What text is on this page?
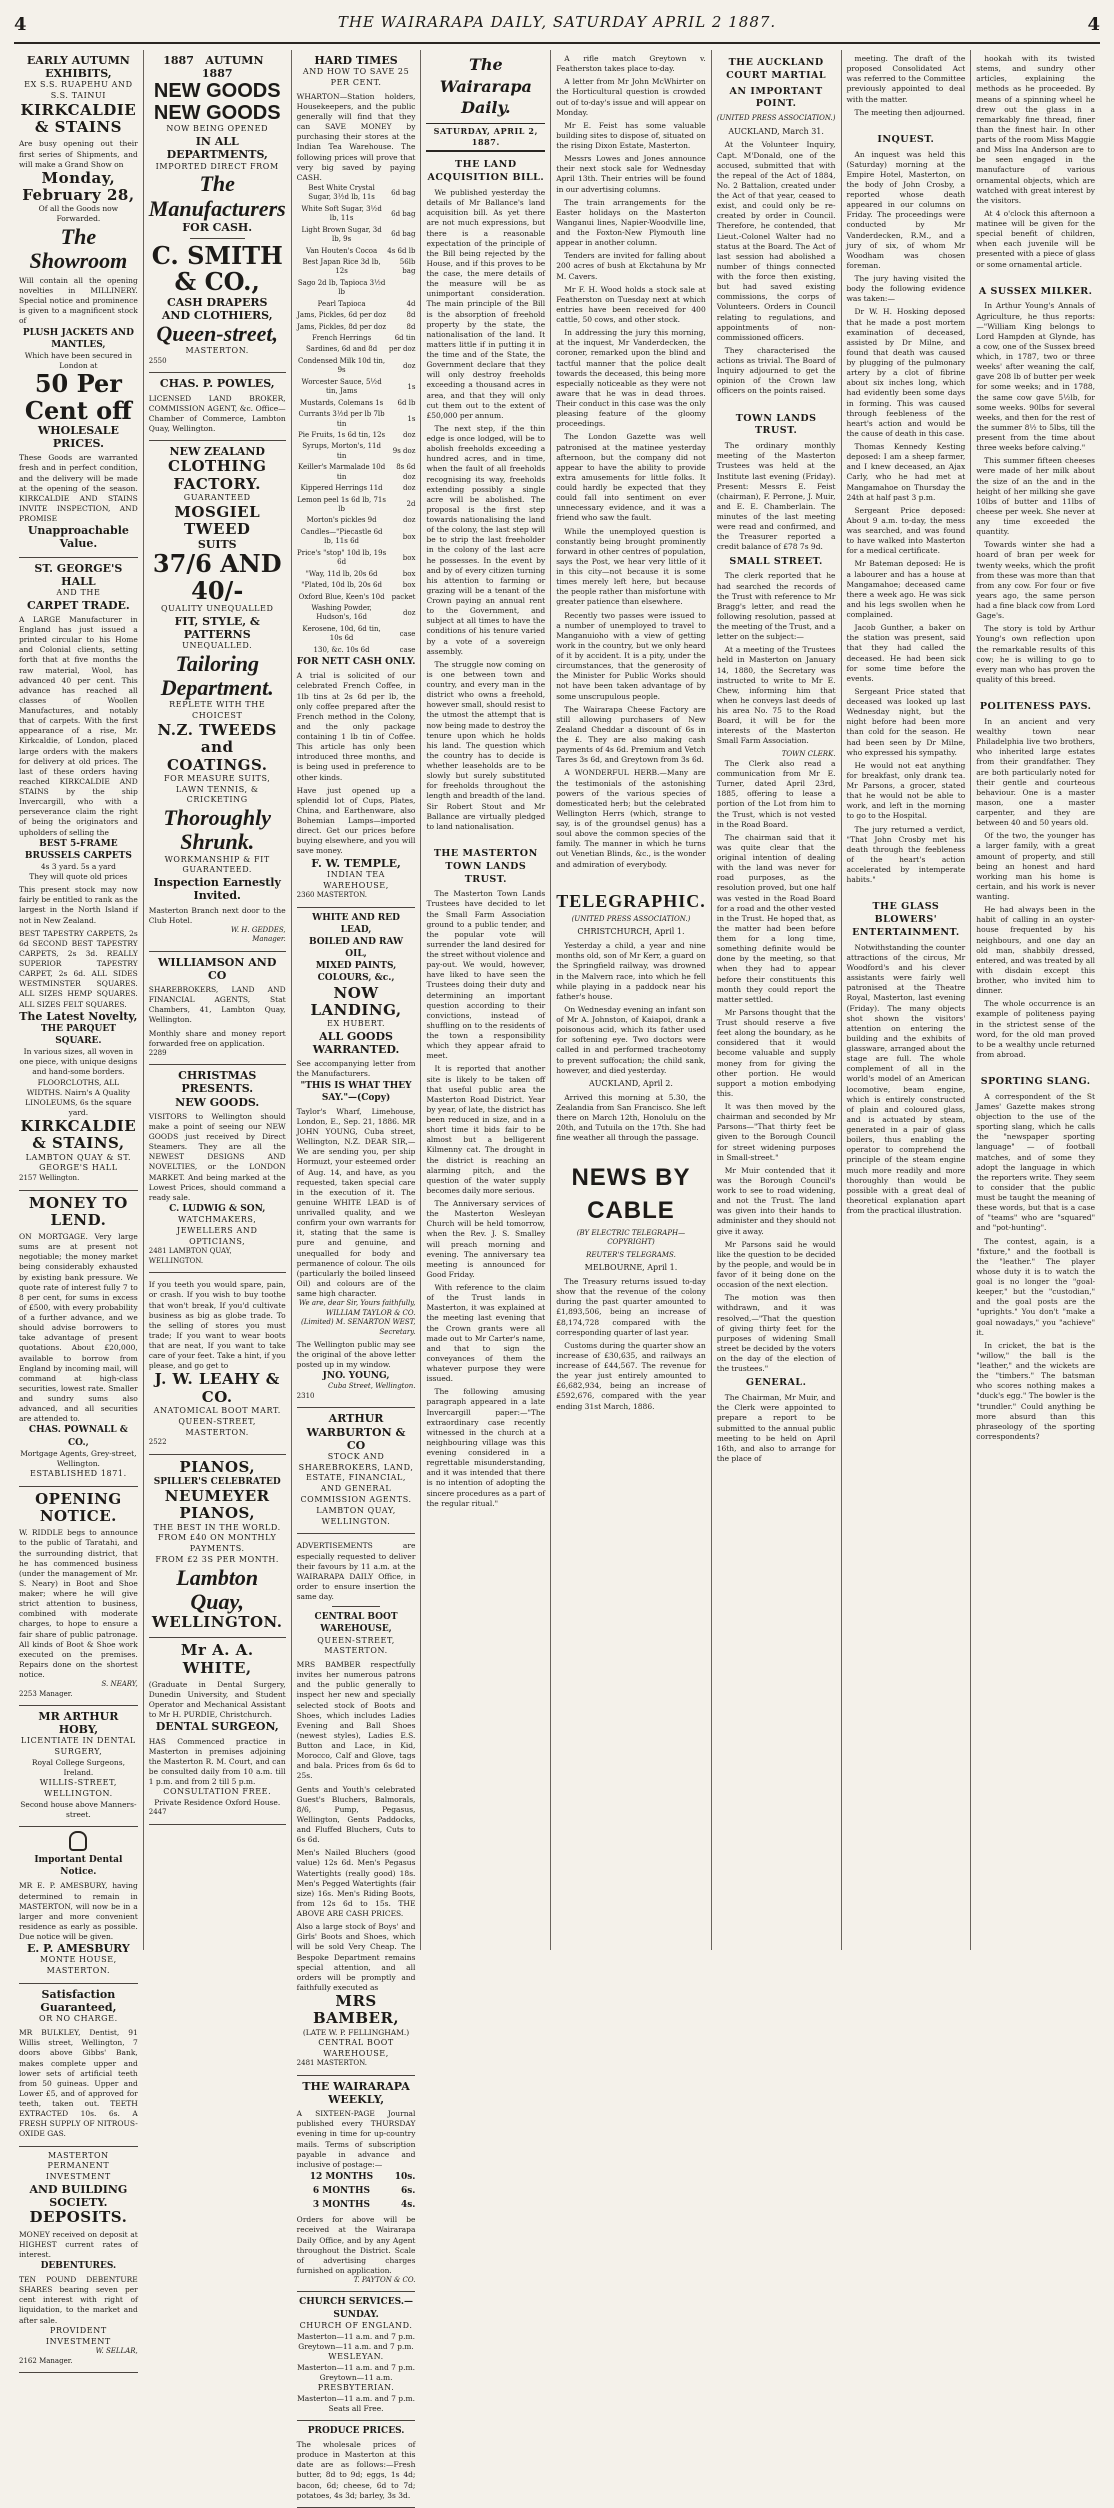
4	THE WAIRARAPA DAILY, SATURDAY APRIL 2 1887.	4
EARLY AUTUMN EXHIBITS,
EX S.S. RUAPEHU AND S.S. TAINUI
KIRKCALDIE & STAINS
Are busy opening out their first series of Shipments, and will make a Grand Show on
Monday, February 28,
Of all the Goods now Forwarded.
The Showroom
Will contain all the opening novelties in MILLINERY. Special notice and prominence is given to a magnificent stock of
PLUSH JACKETS AND MANTLES,
Which have been secured in London at
50 Per Cent off
WHOLESALE PRICES.
These Goods are warranted fresh and in perfect condition, and the delivery will be made at the opening of the season. KIRKCALDIE AND STAINS INVITE INSPECTION, AND PROMISE
Unapproachable Value.
ST. GEORGE'S HALL
AND THE
CARPET TRADE.
A LARGE Manufacturer in England has just issued a printed circular to his Home and Colonial clients, setting forth that at five months the raw material, Wool, has advanced 40 per cent. This advance has reached all classes of Woollen Manufactures, and notably that of carpets. With the first appearance of a rise, Mr. Kirkcaldie, of London, placed large orders with the makers for delivery at old prices. The last of these orders having reached KIRKCALDIE AND STAINS by the ship Invercargill, who with a perseverance claim the right of being the originators and upholders of selling the
BEST 5-FRAME BRUSSELS CARPETS
4s 3 yard. 5s a yard
They will quote old prices
This present stock may now fairly be entitled to rank as the largest in the North Island if not in New Zealand.
BEST TAPESTRY CARPETS, 2s 6d SECOND BEST TAPESTRY CARPETS, 2s 3d. REALLY SUPERIOR TAPESTRY CARPET, 2s 6d. ALL SIDES WESTMINSTER SQUARES. ALL SIZES HEMP SQUARES. ALL SIZES FELT SQUARES.
The Latest Novelty,
THE PARQUET SQUARE.
In various sizes, all woven in one piece, with unique designs and hand-some borders.
FLOORCLOTHS, ALL WIDTHS. Nairn's A Quality LINOLEUMS, 6s the square yard.
KIRKCALDIE & STAINS,
LAMBTON QUAY & ST. GEORGE'S HALL
2157 Wellington.
MONEY TO LEND.
ON MORTGAGE. Very large sums are at present not negotiable; the money market being considerably exhausted by existing bank pressure. We quote rate of interest fully 7 to 8 per cent, for sums in excess of £500, with every probability of a further advance, and we should advise borrowers to take advantage of present quotations. About £20,000, available to borrow from England by incoming mail, will command at high-class securities, lowest rate. Smaller and sundry sums also advanced, and all securities are attended to.
CHAS. POWNALL & CO.,
Mortgage Agents, Grey-street, Wellington.
ESTABLISHED 1871.
OPENING NOTICE.
W. RIDDLE begs to announce to the public of Taratahi, and the surrounding district, that he has commenced business (under the management of Mr. S. Neary) in Boot and Shoe maker; where he will give strict attention to business, combined with moderate charges, to hope to ensure a fair share of public patronage. All kinds of Boot & Shoe work executed on the premises. Repairs done on the shortest notice.
S. NEARY,
2253 Manager.
MR ARTHUR HOBY,
LICENTIATE IN DENTAL SURGERY,
Royal College Surgeons, Ireland.
WILLIS-STREET, WELLINGTON.
Second house above Manners-street.
Important Dental Notice.
MR E. P. AMESBURY, having determined to remain in MASTERTON, will now be in a larger and more convenient residence as early as possible. Due notice will be given.
E. P. AMESBURY
MONTE HOUSE, MASTERTON.
Satisfaction Guaranteed,
OR NO CHARGE.
MR BULKLEY, Dentist, 91 Willis street, Wellington, 7 doors above Gibbs' Bank, makes complete upper and lower sets of artificial teeth from 50 guineas. Upper and Lower £5, and of approved for teeth, taken out. TEETH EXTRACTED 10s. 6s. A FRESH SUPPLY OF NITROUS-OXIDE GAS.
MASTERTON PERMANENT INVESTMENT
AND BUILDING SOCIETY.
DEPOSITS.
MONEY received on deposit at HIGHEST current rates of interest.
DEBENTURES.
TEN POUND DEBENTURE SHARES bearing seven per cent interest with right of liquidation, to the market and after sale.
PROVIDENT INVESTMENT
W. SELLAR,
2162 Manager.
1887 AUTUMN   1887
NEW GOODS
NEW GOODS
NOW BEING OPENED
IN ALL DEPARTMENTS,
IMPORTED DIRECT FROM
The Manufacturers
FOR CASH.
C. SMITH & CO.,
CASH DRAPERS
AND CLOTHIERS,
Queen-street,
MASTERTON.
2550
CHAS. P. POWLES,
LICENSED LAND BROKER, COMMISSION AGENT, &c. Office—Chamber of Commerce, Lambton Quay, Wellington.
NEW ZEALAND
CLOTHING FACTORY.
GUARANTEED
MOSGIEL TWEED
SUITS
37/6 AND 40/-
QUALITY UNEQUALLED
FIT, STYLE, & PATTERNS
UNEQUALLED.
Tailoring Department.
REPLETE WITH THE CHOICEST
N.Z. TWEEDS and COATINGS.
FOR MEASURE SUITS,
LAWN TENNIS, & CRICKETING
Thoroughly Shrunk.
WORKMANSHIP & FIT GUARANTEED.
Inspection Earnestly Invited.
Masterton Branch next door to the Club Hotel.
W. H. GEDDES,
Manager.
WILLIAMSON AND CO
SHAREBROKERS, LAND AND FINANCIAL AGENTS, Stat Chambers, 41, Lambton Quay, Wellington.
Monthly share and money report forwarded free on application.
2289
CHRISTMAS PRESENTS.
NEW GOODS.
VISITORS to Wellington should make a point of seeing our NEW GOODS just received by Direct Steamers. They are all the NEWEST DESIGNS AND NOVELTIES, or the LONDON MARKET. And being marked at the Lowest Prices, should command a ready sale.
C. LUDWIG & SON,
WATCHMAKERS, JEWELLERS AND OPTICIANS,
2481 LAMBTON QUAY, WELLINGTON.
If you teeth you would spare, pain, or crash. If you wish to buy toothe that won't break, If you'd cultivate business as big as globe trade. To the selling of stores you must trade; If you want to wear boots that are neat, If you want to take care of your feet. Take a hint, if you please, and go get to
J. W. LEAHY & CO.
ANATOMICAL BOOT MART.
QUEEN-STREET, MASTERTON.
2522
PIANOS,
SPILLER'S CELEBRATED
NEUMEYER PIANOS,
THE BEST IN THE WORLD.
FROM £40 ON MONTHLY PAYMENTS.
FROM £2 3S PER MONTH.
Lambton Quay,
WELLINGTON.
Mr A. A. WHITE,
(Graduate in Dental Surgery, Dunedin University, and Student Operator and Mechanical Assistant to Mr H. PURDIE, Christchurch.
DENTAL SURGEON,
HAS Commenced practice in Masterton in premises adjoining the Masterton R. M. Court, and can be consulted daily from 10 a.m. till 1 p.m. and from 2 till 5 p.m.
CONSULTATION FREE.
Private Residence Oxford House.
2447
HARD TIMES
AND HOW TO SAVE 25 PER CENT.
WHARTON—Station holders, Housekeepers, and the public generally will find that they can SAVE MONEY by purchasing their stores at the Indian Tea Warehouse. The following prices will prove that very big saved by paying CASH.
Best White Crystal Sugar, 3½d lb, 11s	6d bag
White Soft Sugar, 3½d lb, 11s	6d bag
Light Brown Sugar, 3d lb, 9s	6d bag
Van Houten's Cocoa	4s 6d lb
Best Japan Rice 3d lb, 12s	56lb bag
Sago 2d lb, Tapioca 3½d lb	
Pearl Tapioca	4d
Jams, Pickles, 6d per doz	8d
Jams, Pickles, 8d per doz	8d
French Herrings	6d tin
Sardines, 6d and 8d	per doz
Condensed Milk 10d tin, 9s	doz
Worcester Sauce, 5½d tin, Jams	1s
Mustards, Colemans 1s	6d lb
Currants 3½d per lb 7lb tin	1s
Pie Fruits, 1s 6d tin, 12s	doz
Syrups, Morton's, 11d tin	9s doz
Keiller's Marmalade 10d tin	8s 6d doz
Kippered Herrings 11d	doz
Lemon peel 1s 6d lb, 71s lb	2d
Morton's pickles 9d	doz
Candles—"Piecastle 6d lb, 11s 6d	box
Price's "stop" 10d lb, 19s 6d	box
"Way, 11d lb, 20s 6d	box
"Plated, 10d lb, 20s 6d	box
Oxford Blue, Keen's 10d	packet
Washing Powder, Hudson's, 16d	doz
Kerosene, 10d, 6d tin, 10s 6d	case
130, &c. 10s 6d	case
FOR NETT CASH ONLY.
A trial is solicited of our celebrated French Coffee, in 1lb tins at 2s 6d per lb, the only coffee prepared after the French method in the Colony, and the only package containing 1 lb tin of Coffee. This article has only been introduced three months, and is being used in preference to other kinds.
Have just opened up a splendid lot of Cups, Plates, China, and Earthenware, also Bohemian Lamps—imported direct. Get our prices before buying elsewhere, and you will save money.
F. W. TEMPLE,
INDIAN TEA WAREHOUSE,
2360 MASTERTON.
WHITE AND RED LEAD,
BOILED AND RAW OIL,
MIXED PAINTS, COLOURS, &c.,
NOW LANDING,
EX HUBERT.
ALL GOODS WARRANTED.
See accompanying letter from the Manufacturers.
"THIS IS WHAT THEY SAY."—(Copy)
Taylor's Wharf, Limehouse, London, E., Sep. 21, 1886. MR JOHN YOUNG, Cuba street, Wellington, N.Z. DEAR SIR,—We are sending you, per ship Hormuzt, your esteemed order of Aug. 14, and have, as you requested, taken special care in the execution of it. The genuine WHITE LEAD is of unrivalled quality, and we confirm your own warrants for it, stating that the same is pure and genuine, and unequalled for body and permanence of colour. The oils (particularly the boiled linseed Oil) and colours are of the same high character.
We are, dear Sir, Yours faithfully, WILLIAM TAYLOR & CO. (Limited) M. SENARTON WEST, Secretary.
The Wellington public may see the original of the above letter posted up in my window.
JNO. YOUNG,
Cuba Street, Wellington.
2310
ARTHUR WARBURTON & CO
STOCK AND SHAREBROKERS, LAND, ESTATE, FINANCIAL, AND GENERAL COMMISSION AGENTS.
LAMBTON QUAY, WELLINGTON.
ADVERTISEMENTS are especially requested to deliver their favours by 11 a.m. at the WAIRARAPA DAILY Office, in order to ensure insertion the same day.
CENTRAL BOOT WAREHOUSE,
QUEEN-STREET, MASTERTON.
MRS BAMBER respectfully invites her numerous patrons and the public generally to inspect her new and specially selected stock of Boots and Shoes, which includes Ladies Evening and Ball Shoes (newest styles), Ladies E.S. Button and Lace, in Kid, Morocco, Calf and Glove, tags and bala. Prices from 6s 6d to 25s.
Gents and Youth's celebrated Guest's Bluchers, Balmorals, 8/6, Pump, Pegasus, Wellington, Gents Paddocks, and Fluffed Bluchers, Cuts to 6s 6d.
Men's Nailed Bluchers (good value) 12s 6d. Men's Pegasus Watertights (really good) 18s. Men's Pegged Watertights (fair size) 16s. Men's Riding Boots, from 12s 6d to 15s. THE ABOVE ARE CASH PRICES.
Also a large stock of Boys' and Girls' Boots and Shoes, which will be sold Very Cheap. The Bespoke Department remains special attention, and all orders will be promptly and faithfully executed as
MRS BAMBER,
(LATE W. P. FELLINGHAM.)
CENTRAL BOOT WAREHOUSE,
2481 MASTERTON.
THE WAIRARAPA WEEKLY,
A SIXTEEN-PAGE Journal published every THURSDAY evening in time for up-country mails. Terms of subscription payable in advance and inclusive of postage:—
12 MONTHS	10s.
6 MONTHS	6s.
3 MONTHS	4s.
Orders for above will be received at the Wairarapa Daily Office, and by any Agent throughout the District. Scale of advertising charges furnished on application.
T. PAYTON & CO.
CHURCH SERVICES.—SUNDAY.
CHURCH OF ENGLAND.
Masterton—11 a.m. and 7 p.m. Greytown—11 a.m. and 7 p.m.
WESLEYAN.
Masterton—11 a.m. and 7 p.m. Greytown—11 a.m.
PRESBYTERIAN.
Masterton—11 a.m. and 7 p.m. Seats all Free.
PRODUCE PRICES.
The wholesale prices of produce in Masterton at this date are as follows:—Fresh butter, 8d to 9d; eggs, 1s 4d; bacon, 6d; cheese, 6d to 7d; potatoes, 4s 3d; barley, 3s 3d.
The Wairarapa Daily.
SATURDAY, APRIL 2, 1887.
THE LAND ACQUISITION BILL.

We published yesterday the details of Mr Ballance's land acquisition bill. As yet there are not much expressions, but there is a reasonable expectation of the principle of the Bill being rejected by the House, and if this proves to be the case, the mere details of the measure will be as unimportant consideration. The main principle of the Bill is the absorption of freehold property by the state, the nationalisation of the land. It matters little if in putting it in the time and of the State, the Government declare that they will only destroy freeholds exceeding a thousand acres in area, and that they will only cut them out to the extent of £50,000 per annum.

The next step, if the thin edge is once lodged, will be to abolish freeholds exceeding a hundred acres, and in time, when the fault of all freeholds recognising its way, freeholds extending possibly a single acre will be abolished. The proposal is the first step towards nationalising the land of the colony, the last step will be to strip the last freeholder in the colony of the last acre he possesses. In the event by and by of every citizen turning his attention to farming or grazing will be a tenant of the Crown paying an annual rent to the Government, and subject at all times to have the conditions of his tenure varied by a vote of a sovereign assembly.

The struggle now coming on is one between town and country, and every man in the district who owns a freehold, however small, should resist to the utmost the attempt that is now being made to destroy the tenure upon which he holds his land. The question which the country has to decide is whether leaseholds are to be slowly but surely substituted for freeholds throughout the length and breadth of the land. Sir Robert Stout and Mr Ballance are virtually pledged to land nationalisation.

THE MASTERTON TOWN LANDS TRUST.

The Masterton Town Lands Trustees have decided to let the Small Farm Association ground to a public tender, and the popular vote will surrender the land desired for the street without violence and pay-out. We would, however, have liked to have seen the Trustees doing their duty and determining an important question according to their convictions, instead of shuffling on to the residents of the town a responsibility which they appear afraid to meet.

It is reported that another site is likely to be taken off that useful public area the Masterton Road District. Year by year, of late, the district has been reduced in size, and in a short time it bids fair to be almost but a belligerent Kilmenny cat. The drought in the district is reaching an alarming pitch, and the question of the water supply becomes daily more serious.

The Anniversary services of the Masterton Wesleyan Church will be held tomorrow, when the Rev. J. S. Smalley will preach morning and evening. The anniversary tea meeting is announced for Good Friday.

With reference to the claim of the Trust lands in Masterton, it was explained at the meeting last evening that the Crown grants were all made out to Mr Carter's name, and that to sign the conveyances of them the whatever purpose they were issued.

The following amusing paragraph appeared in a late Invercargill paper:—"The extraordinary case recently witnessed in the church at a neighbouring village was this evening considered in a regrettable misunderstanding, and it was intended that there is no intention of adopting the sincere procedures as a part of the regular ritual."

A rifle match Greytown v. Featherston takes place to-day.

A letter from Mr John McWhirter on the Horticultural question is crowded out of to-day's issue and will appear on Monday.

Mr E. Feist has some valuable building sites to dispose of, situated on the rising Dixon Estate, Masterton.

Messrs Lowes and Jones announce their next stock sale for Wednesday April 13th. Their entries will be found in our advertising columns.

The train arrangements for the Easter holidays on the Masterton Wanganui lines, Napier-Woodville line, and the Foxton-New Plymouth line appear in another column.

Tenders are invited for falling about 200 acres of bush at Ekctahuna by Mr M. Cavers.

Mr F. H. Wood holds a stock sale at Featherston on Tuesday next at which entries have been received for 400 cattle, 50 cows, and other stock.

In addressing the jury this morning, at the inquest, Mr Vanderdecken, the coroner, remarked upon the blind and tactful manner that the police dealt towards the deceased, this being more especially noticeable as they were not aware that he was in dead throes. Their conduct in this case was the only pleasing feature of the gloomy proceedings.

The London Gazette was well patronised at the matinee yesterday afternoon, but the company did not appear to have the ability to provide extra amusements for little folks. It could hardly be expected that they could fall into sentiment on ever unnecessary evidence, and it was a friend who saw the fault.

While the unemployed question is constantly being brought prominently forward in other centres of population, says the Post, we hear very little of it in this city—not because it is some times merely left here, but because the people rather than misfortune with greater patience than elsewhere.

Recently two passes were issued to a number of unemployed to travel to Manganuioho with a view of getting work in the country, but we only heard of it by accident. It is a pity, under the circumstances, that the generosity of the Minister for Public Works should not have been taken advantage of by some unscrupulous people.

The Wairarapa Cheese Factory are still allowing purchasers of New Zealand Cheddar a discount of 6s in the £. They are also making cash payments of 4s 6d. Premium and Vetch Tares 3s 6d, and Greytown from 3s 6d.

A WONDERFUL HERB.—Many are the testimonials of the astonishing powers of the various species of domesticated herb; but the celebrated Wellington Herrs (which, strange to say, is of the groundsel genus) has a soul above the common species of the family. The manner in which he turns out Venetian Blinds, &c., is the wonder and admiration of everybody.

TELEGRAPHIC.
(UNITED PRESS ASSOCIATION.)
CHRISTCHURCH, April 1.

Yesterday a child, a year and nine months old, son of Mr Kerr, a guard on the Springfield railway, was drowned in the Malvern race, into which he fell while playing in a paddock near his father's house.

On Wednesday evening an infant son of Mr A. Johnston, of Kaiapoi, drank a poisonous acid, which its father used for softening eye. Two doctors were called in and performed tracheotomy to prevent suffocation; the child sank, however, and died yesterday.

AUCKLAND, April 2.

Arrived this morning at 5.30, the Zealandia from San Francisco. She left there on March 12th, Honolulu on the 20th, and Tutuila on the 17th. She had fine weather all through the passage.

NEWS BY CABLE
(BY ELECTRIC TELEGRAPH—COPYRIGHT)
REUTER'S TELEGRAMS.
MELBOURNE, April 1.

The Treasury returns issued to-day show that the revenue of the colony during the past quarter amounted to £1,893,506, being an increase of £8,174,728 compared with the corresponding quarter of last year.

Customs during the quarter show an increase of £30,635, and railways an increase of £44,567. The revenue for the year just entirely amounted to £6,682,934, being an increase of £592,676, compared with the year ending 31st March, 1886.

THE AUCKLAND COURT MARTIAL
AN IMPORTANT POINT.
(UNITED PRESS ASSOCIATION.)
AUCKLAND, March 31.

At the Volunteer Inquiry, Capt. M'Donald, one of the accused, submitted that with the repeal of the Act of 1884, No. 2 Battalion, created under the Act of that year, ceased to exist, and could only be re-created by order in Council. Therefore, he contended, that Lieut.-Colonel Walter had no status at the Board. The Act of last session had abolished a number of things connected with the force then existing, but had saved existing commissions, the corps of Volunteers. Orders in Council relating to regulations, and appointments of non-commissioned officers.

They characterised the actions as trivial. The Board of Inquiry adjourned to get the opinion of the Crown law officers on the points raised.

TOWN LANDS TRUST.

The ordinary monthly meeting of the Masterton Trustees was held at the Institute last evening (Friday). Present: Messrs E. Feist (chairman), F. Perrone, J. Muir, and E. E. Chamberlain. The minutes of the last meeting were read and confirmed, and the Treasurer reported a credit balance of £78 7s 9d.

SMALL STREET.

The clerk reported that he had searched the records of the Trust with reference to Mr Bragg's letter, and read the following resolution, passed at the meeting of the Trust, and a letter on the subject:—

At a meeting of the Trustees held in Masterton on January 14, 1880, the Secretary was instructed to write to Mr E. Chew, informing him that when he conveys last deeds of his area No. 75 to the Road Board, it will be for the interests of the Masterton Small Farm Association.

TOWN CLERK.

The Clerk also read a communication from Mr E. Turner, dated April 23rd, 1885, offering to lease a portion of the Lot from him to the Trust, which is not vested in the Road Board.

The chairman said that it was quite clear that the original intention of dealing with the land was never for road purposes, as the resolution proved, but one half was vested in the Road Board for a road and the other vested in the Trust. He hoped that, as the matter had been before them for a long time, something definite would be done by the meeting, so that when they had to appear before their constituents this month they could report the matter settled.

Mr Parsons thought that the Trust should reserve a five feet along the boundary, as he considered that it would become valuable and supply money from for giving the other portion. He would support a motion embodying this.

It was then moved by the chairman and seconded by Mr Parsons—"That thirty feet be given to the Borough Council for street widening purposes in Small-street."

Mr Muir contended that it was the Borough Council's work to see to road widening, and not the Trust. The land was given into their hands to administer and they should not give it away.

Mr Parsons said he would like the question to be decided by the people, and would be in favor of it being done on the occasion of the next election.

The motion was then withdrawn, and it was resolved,—"That the question of giving thirty feet for the purposes of widening Small street be decided by the voters on the day of the election of the trustees."

GENERAL.

The Chairman, Mr Muir, and the Clerk were appointed to prepare a report to be submitted to the annual public meeting to be held on April 16th, and also to arrange for the place of

meeting. The draft of the proposed Consolidated Act was referred to the Committee previously appointed to deal with the matter.

The meeting then adjourned.

INQUEST.

An inquest was held this (Saturday) morning at the Empire Hotel, Masterton, on the body of John Crosby, a reported whose death appeared in our columns on Friday. The proceedings were conducted by Mr Vanderdecken, R.M., and a jury of six, of whom Mr Woodham was chosen foreman.

The jury having visited the body the following evidence was taken:—

Dr W. H. Hosking deposed that he made a post mortem examination of deceased, assisted by Dr Milne, and found that death was caused by plugging of the pulmonary artery by a clot of fibrine about six inches long, which had evidently been some days in forming. This was caused through feebleness of the heart's action and would be the cause of death in this case.

Thomas Kennedy Kesting deposed: I am a sheep farmer, and I knew deceased, an Ajax Carly, who he had met at Mangamahoe on Thursday the 24th at half past 3 p.m.

Sergeant Price deposed: About 9 a.m. to-day, the mess was searched, and was found to have walked into Masterton for a medical certificate.

Mr Bateman deposed: He is a labourer and has a house at Mangamahoe; deceased came there a week ago. He was sick and his legs swollen when he complained.

Jacob Gunther, a baker on the station was present, said that they had called the deceased. He had been sick for some time before the events.

Sergeant Price stated that deceased was looked up last Wednesday night, but the night before had been more than cold for the season. He had been seen by Dr Milne, who expressed his sympathy.

He would not eat anything for breakfast, only drank tea. Mr Parsons, a grocer, stated that he would not be able to work, and left in the morning to go to the Hospital.

The jury returned a verdict, "That John Crosby met his death through the feebleness of the heart's action accelerated by intemperate habits."

THE GLASS BLOWERS' ENTERTAINMENT.

Notwithstanding the counter attractions of the circus, Mr Woodford's and his clever assistants were fairly well patronised at the Theatre Royal, Masterton, last evening (Friday). The many objects shot shown the visitors' attention on entering the building and the exhibits of glassware, arranged about the stage are full. The whole complement of all in the world's model of an American locomotive, beam engine, which is entirely constructed of plain and coloured glass, and is actuated by steam, generated in a pair of glass boilers, thus enabling the operator to comprehend the principle of the steam engine much more readily and more thoroughly than would be possible with a great deal of theoretical explanation apart from the practical illustration.

hookah with its twisted stems, and sundry other articles, explaining the methods as he proceeded. By means of a spinning wheel he drew out the glass in a remarkably fine thread, finer than the finest hair. In other parts of the room Miss Maggie and Miss Ina Anderson are to be seen engaged in the manufacture of various ornamental objects, which are watched with great interest by the visitors.

At 4 o'clock this afternoon a matinee will be given for the special benefit of children, when each juvenile will be presented with a piece of glass or some ornamental article.

A SUSSEX MILKER.

In Arthur Young's Annals of Agriculture, he thus reports:—"William King belongs to Lord Hampden at Glynde, has a cow, one of the Sussex breed which, in 1787, two or three weeks' after weaning the calf, gave 208 lb of butter per week for some weeks; and in 1788, the same cow gave 5½lb, for some weeks. 90lbs for several weeks, and then for the rest of the summer 8½ to 5lbs, till the present from the time about three weeks before calving."

This summer fifteen cheeses were made of her milk about the size of an the and in the height of her milking she gave 10lbs of butter and 11lbs of cheese per week. She never at any time exceeded the quantity.

Towards winter she had a hoard of bran per week for twenty weeks, which the profit from these was more than that from any cow. For four or five years ago, the same person had a fine black cow from Lord Gage's.

The story is told by Arthur Young's own reflection upon the remarkable results of this cow; he is willing to go to every man who has proven the quality of this breed.

POLITENESS PAYS.

In an ancient and very wealthy town near Philadelphia live two brothers, who inherited large estates from their grandfather. They are both particularly noted for their gentle and courteous behaviour. One is a master mason, one a master carpenter, and they are between 40 and 50 years old.

Of the two, the younger has a larger family, with a great amount of property, and still being an honest and hard working man his home is certain, and his work is never wanting.

He had always been in the habit of calling in an oyster-house frequented by his neighbours, and one day an old man, shabbily dressed, entered, and was treated by all with disdain except this brother, who invited him to dinner.

The whole occurrence is an example of politeness paying in the strictest sense of the word, for the old man proved to be a wealthy uncle returned from abroad.

SPORTING SLANG.

A correspondent of the St James' Gazette makes strong objection to the use of the sporting slang, which he calls the "newspaper sporting language" — of football matches, and of some they adopt the language in which the reporters write. They seem to consider that the public must be taught the meaning of these words, but that is a case of "teams" who are "squared" and "pot-hunting".

The contest, again, is a "fixture," and the football is the "leather." The player whose duty it is to watch the goal is no longer the "goal-keeper," but the "custodian," and the goal posts are the "uprights." You don't "make a goal nowadays," you "achieve" it.

In cricket, the bat is the "willow," the ball is the "leather," and the wickets are the "timbers." The batsman who scores nothing makes a "duck's egg." The bowler is the "trundler." Could anything be more absurd than this phraseology of the sporting correspondents?
